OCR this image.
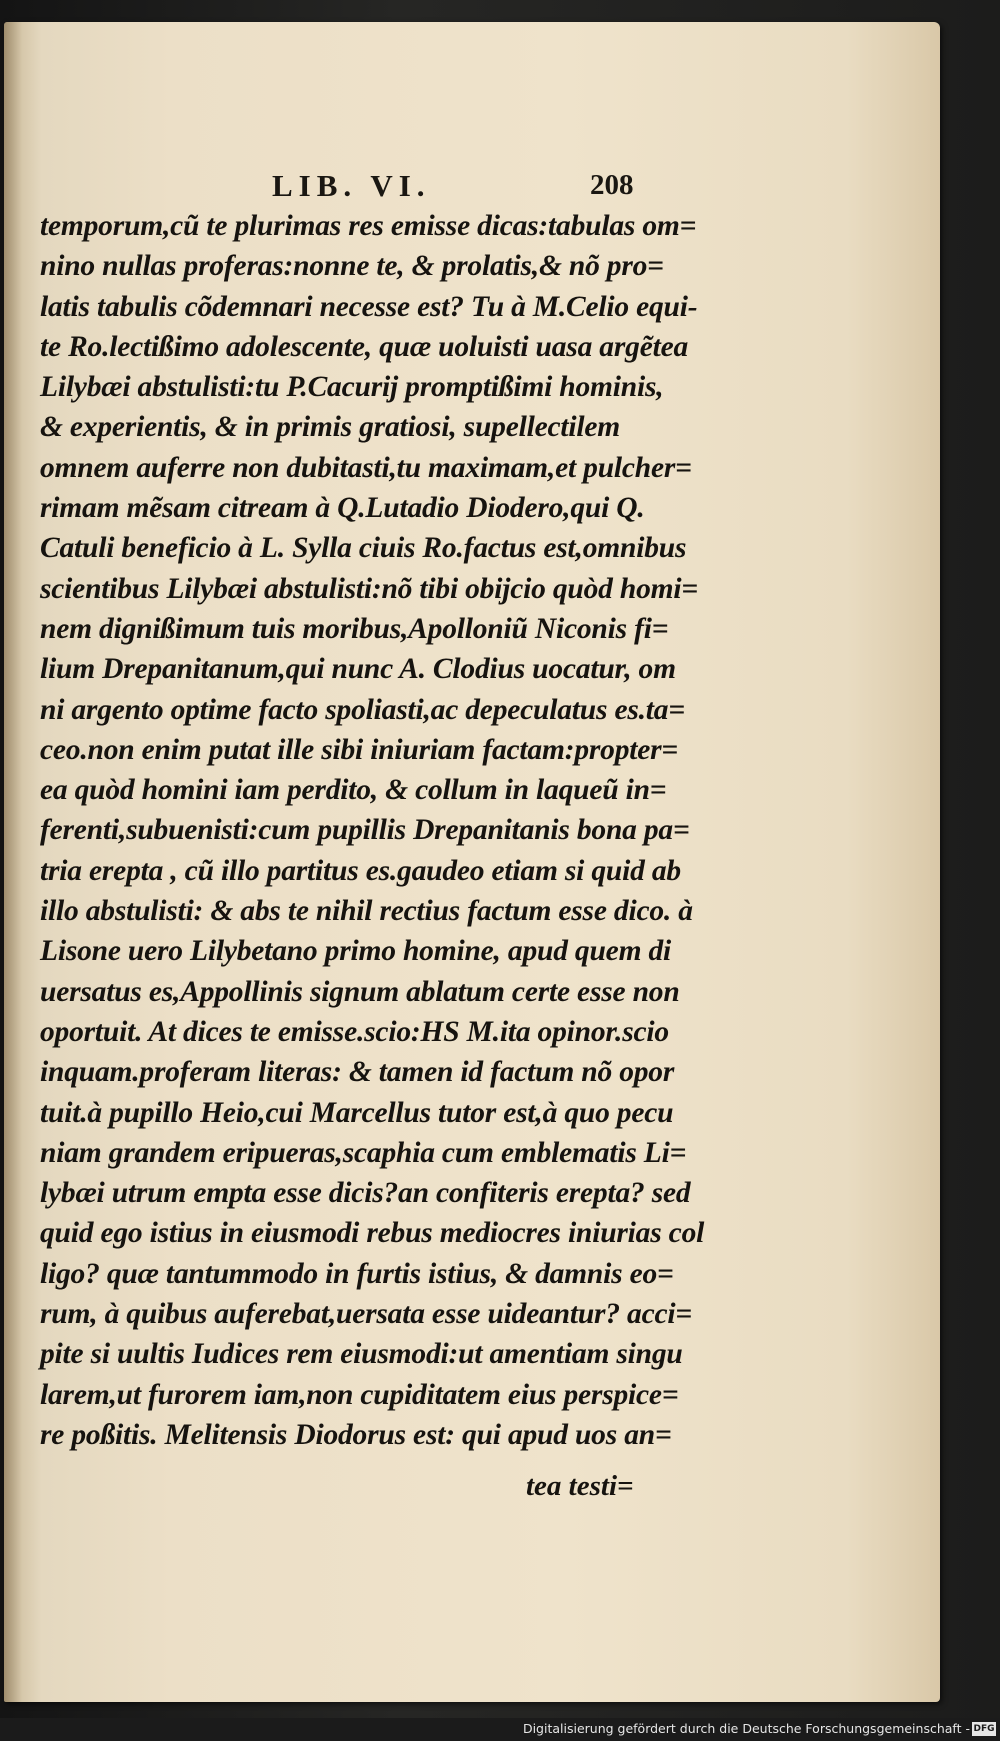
LIB. VI.	208
temporum,cũ te plurimas res emisse dicas:tabulas om=
nino nullas proferas:nonne te, & prolatis,& nõ pro=
latis tabulis cõdemnari necesse est? Tu à M.Celio equi-
te Ro.lectißimo adolescente, quæ uoluisti uasa argẽtea
Lilybæi abstulisti:tu P.Cacurij promptißimi hominis,
& experientis, & in primis gratiosi, supellectilem
omnem auferre non dubitasti,tu maximam,et pulcher=
rimam mẽsam citream à Q.Lutadio Diodero,qui Q.
Catuli beneficio à L. Sylla ciuis Ro.factus est,omnibus
scientibus Lilybæi abstulisti:nõ tibi obijcio quòd homi=
nem dignißimum tuis moribus,Apolloniũ Niconis fi=
lium Drepanitanum,qui nunc A. Clodius uocatur, om
ni argento optime facto spoliasti,ac depeculatus es.ta=
ceo.non enim putat ille sibi iniuriam factam:propter=
ea quòd homini iam perdito, & collum in laqueũ in=
ferenti,subuenisti:cum pupillis Drepanitanis bona pa=
tria erepta , cũ illo partitus es.gaudeo etiam si quid ab
illo abstulisti: & abs te nihil rectius factum esse dico. à
Lisone uero Lilybetano primo homine, apud quem di
uersatus es,Appollinis signum ablatum certe esse non
oportuit. At dices te emisse.scio:HS M.ita opinor.scio
inquam.proferam literas: & tamen id factum nõ opor
tuit.à pupillo Heio,cui Marcellus tutor est,à quo pecu
niam grandem eripueras,scaphia cum emblematis Li=
lybæi utrum empta esse dicis?an confiteris erepta? sed
quid ego istius in eiusmodi rebus mediocres iniurias col
ligo? quæ tantummodo in furtis istius, & damnis eo=
rum, à quibus auferebat,uersata esse uideantur? acci=
pite si uultis Iudices rem eiusmodi:ut amentiam singu
larem,ut furorem iam,non cupiditatem eius perspice=
re poßitis. Melitensis Diodorus est: qui apud uos an=
tea testi=
Digitalisierung gefördert durch die Deutsche Forschungsgemeinschaft - DFG
